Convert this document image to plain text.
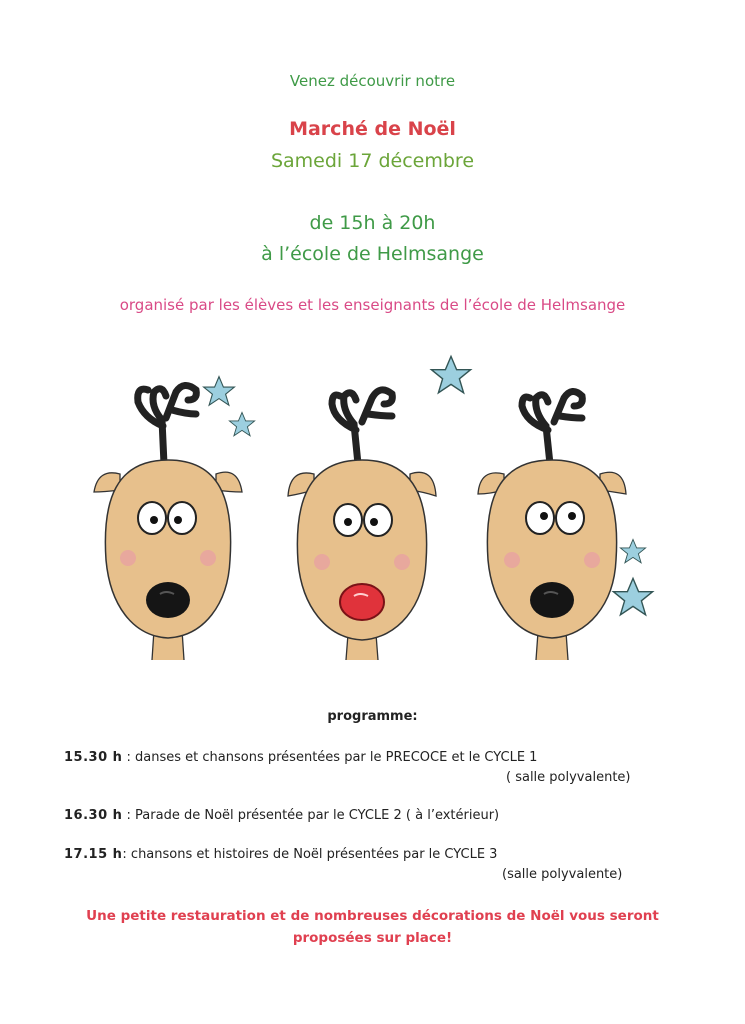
Venez découvrir notre
Marché de Noël
Samedi 17 décembre
de 15h à 20h
à l’école de Helmsange
organisé par les élèves et les enseignants de l’école de Helmsange
programme:
15.30 h : danses et chansons présentées par le PRECOCE et le CYCLE 1
( salle polyvalente)
16.30 h : Parade de Noël présentée par le CYCLE 2 ( à l’extérieur)
17.15 h: chansons et histoires de Noël présentées par le CYCLE 3
(salle polyvalente)
Une petite restauration et de nombreuses décorations de Noël vous seront
proposées sur place!
